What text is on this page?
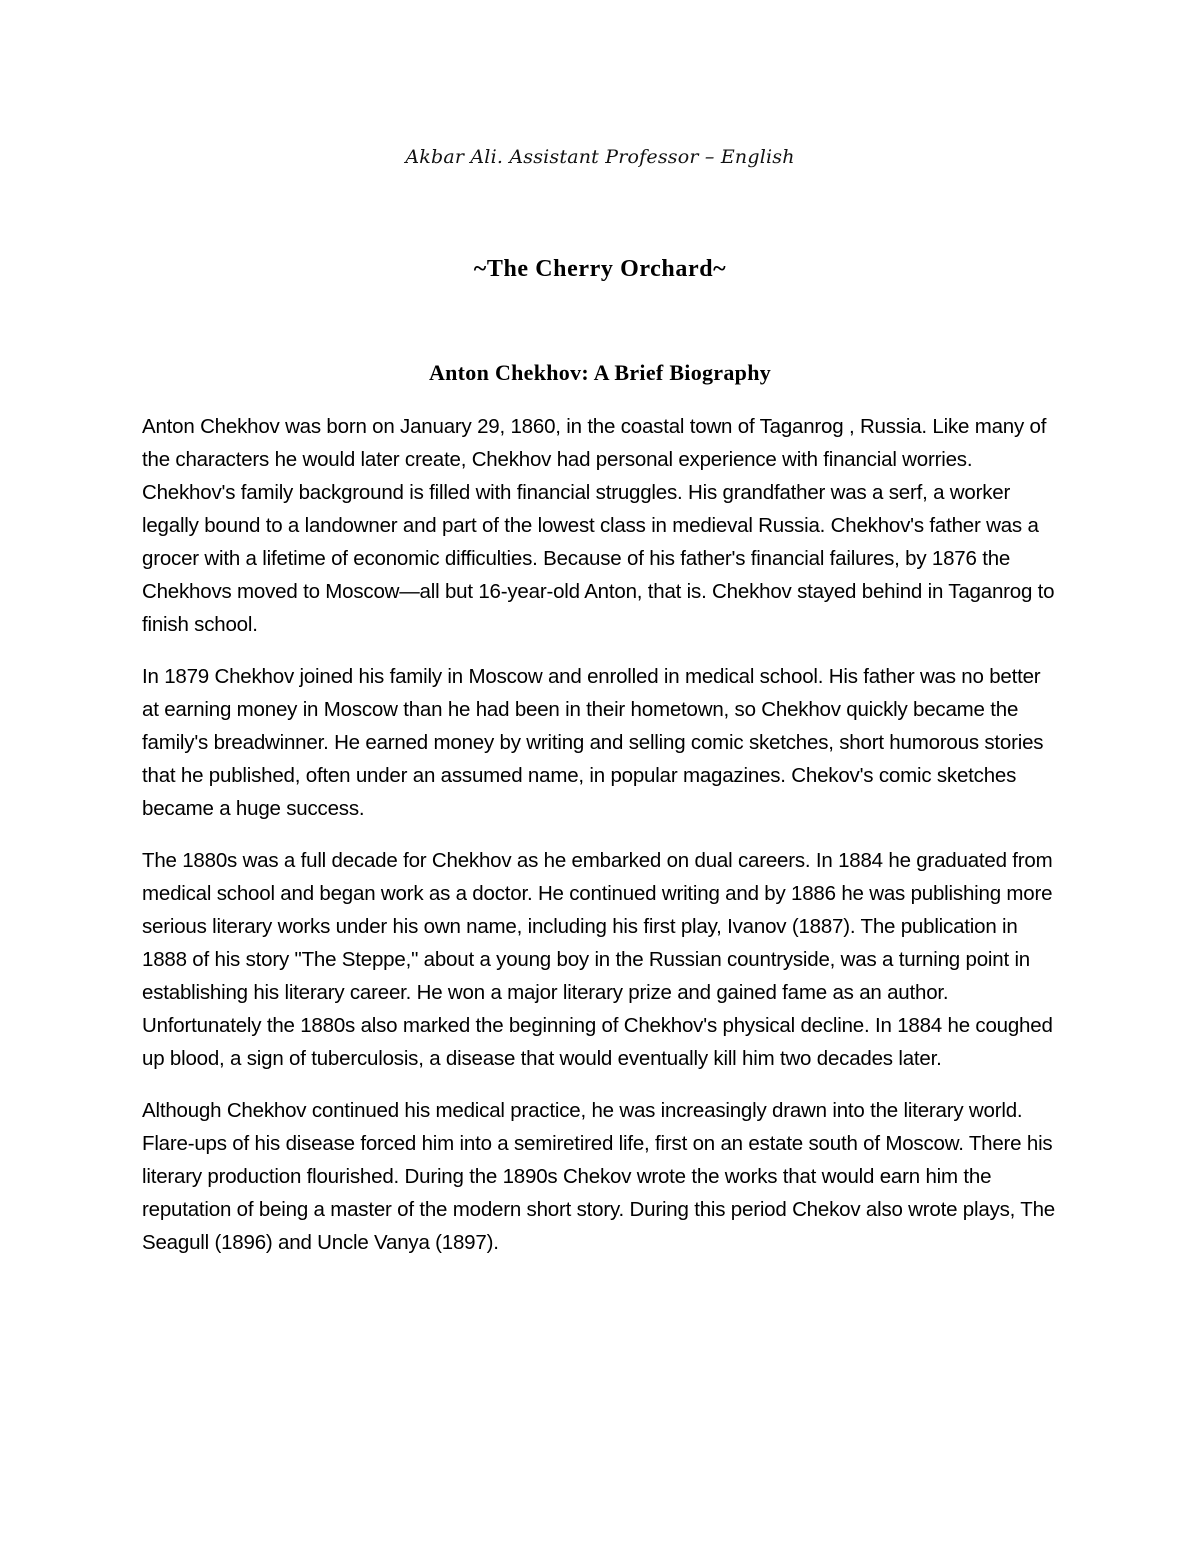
Akbar Ali. Assistant Professor – English
~The Cherry Orchard~
Anton Chekhov: A Brief Biography

Anton Chekhov was born on January 29, 1860, in the coastal town of Taganrog , Russia. Like many of the characters he would later create, Chekhov had personal experience with financial worries. Chekhov's family background is filled with financial struggles. His grandfather was a serf, a worker legally bound to a landowner and part of the lowest class in medieval Russia. Chekhov's father was a grocer with a lifetime of economic difficulties. Because of his father's financial failures, by 1876 the Chekhovs moved to Moscow—all but 16-year-old Anton, that is. Chekhov stayed behind in Taganrog to finish school.

In 1879 Chekhov joined his family in Moscow and enrolled in medical school. His father was no better at earning money in Moscow than he had been in their hometown, so Chekhov quickly became the family's breadwinner. He earned money by writing and selling comic sketches, short humorous stories that he published, often under an assumed name, in popular magazines. Chekov's comic sketches became a huge success.

The 1880s was a full decade for Chekhov as he embarked on dual careers. In 1884 he graduated from medical school and began work as a doctor. He continued writing and by 1886 he was publishing more serious literary works under his own name, including his first play, Ivanov (1887). The publication in 1888 of his story "The Steppe," about a young boy in the Russian countryside, was a turning point in establishing his literary career. He won a major literary prize and gained fame as an author. Unfortunately the 1880s also marked the beginning of Chekhov's physical decline. In 1884 he coughed up blood, a sign of tuberculosis, a disease that would eventually kill him two decades later.

Although Chekhov continued his medical practice, he was increasingly drawn into the literary world. Flare-ups of his disease forced him into a semiretired life, first on an estate south of Moscow. There his literary production flourished. During the 1890s Chekov wrote the works that would earn him the reputation of being a master of the modern short story. During this period Chekov also wrote plays, The Seagull (1896) and Uncle Vanya (1897).
